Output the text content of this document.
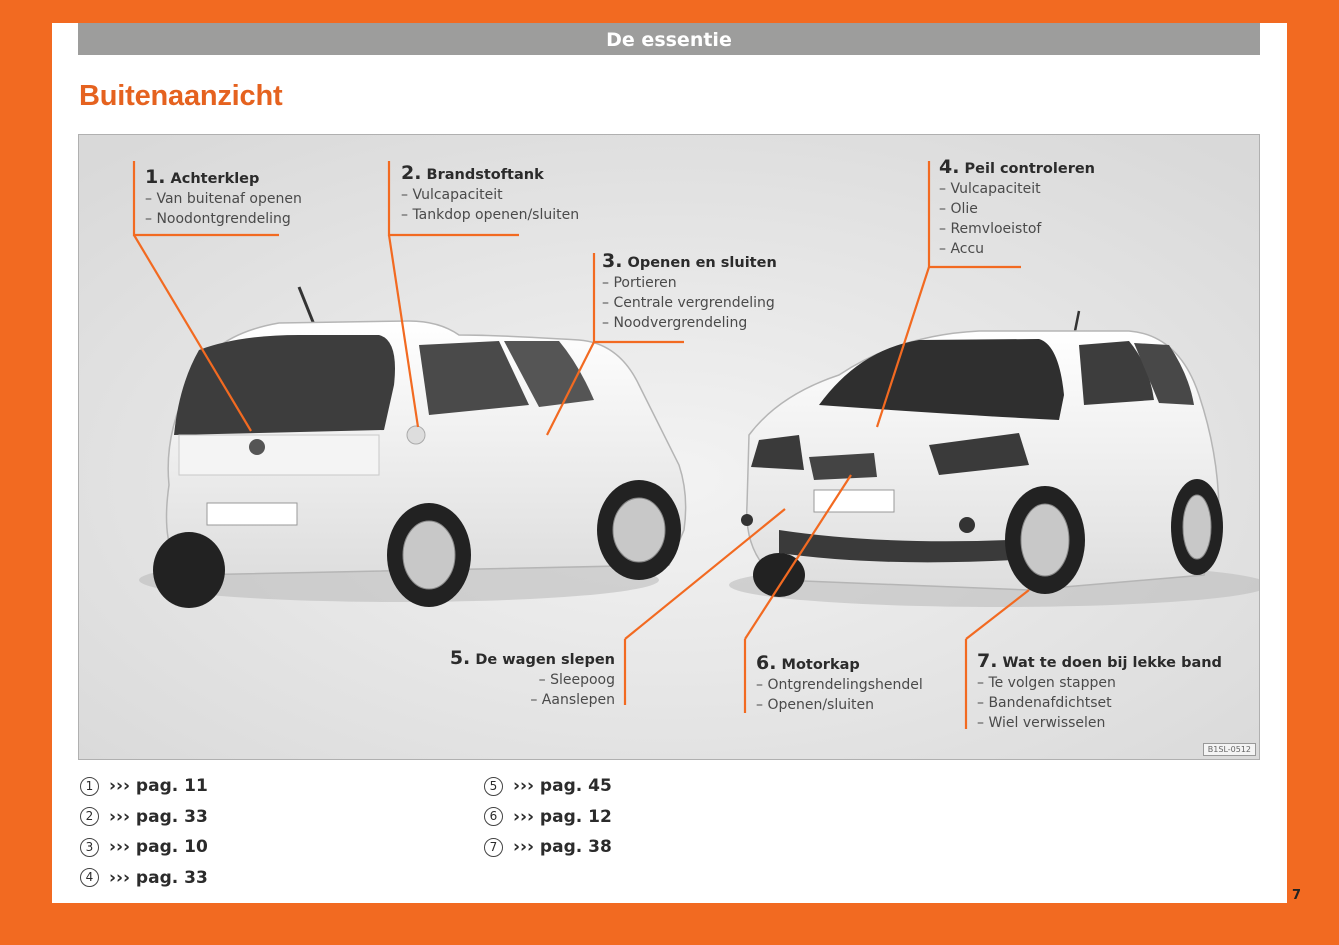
De essentie
Buitenaanzicht
1. Achterklep
– Van buitenaf openen
– Noodontgrendeling
2. Brandstoftank
– Vulcapaciteit
– Tankdop openen/sluiten
3. Openen en sluiten
– Portieren
– Centrale vergrendeling
– Noodvergrendeling
4. Peil controleren
– Vulcapaciteit
– Olie
– Remvloeistof
– Accu
5. De wagen slepen
– Sleepoog
– Aanslepen
6. Motorkap
– Ontgrendelingshendel
– Openen/sluiten
7. Wat te doen bij lekke band
– Te volgen stappen
– Bandenafdichtset
– Wiel verwisselen
B1SL-0512
1 ››› pag. 11
2 ››› pag. 33
3 ››› pag. 10
4 ››› pag. 33
5 ››› pag. 45
6 ››› pag. 12
7 ››› pag. 38
7
